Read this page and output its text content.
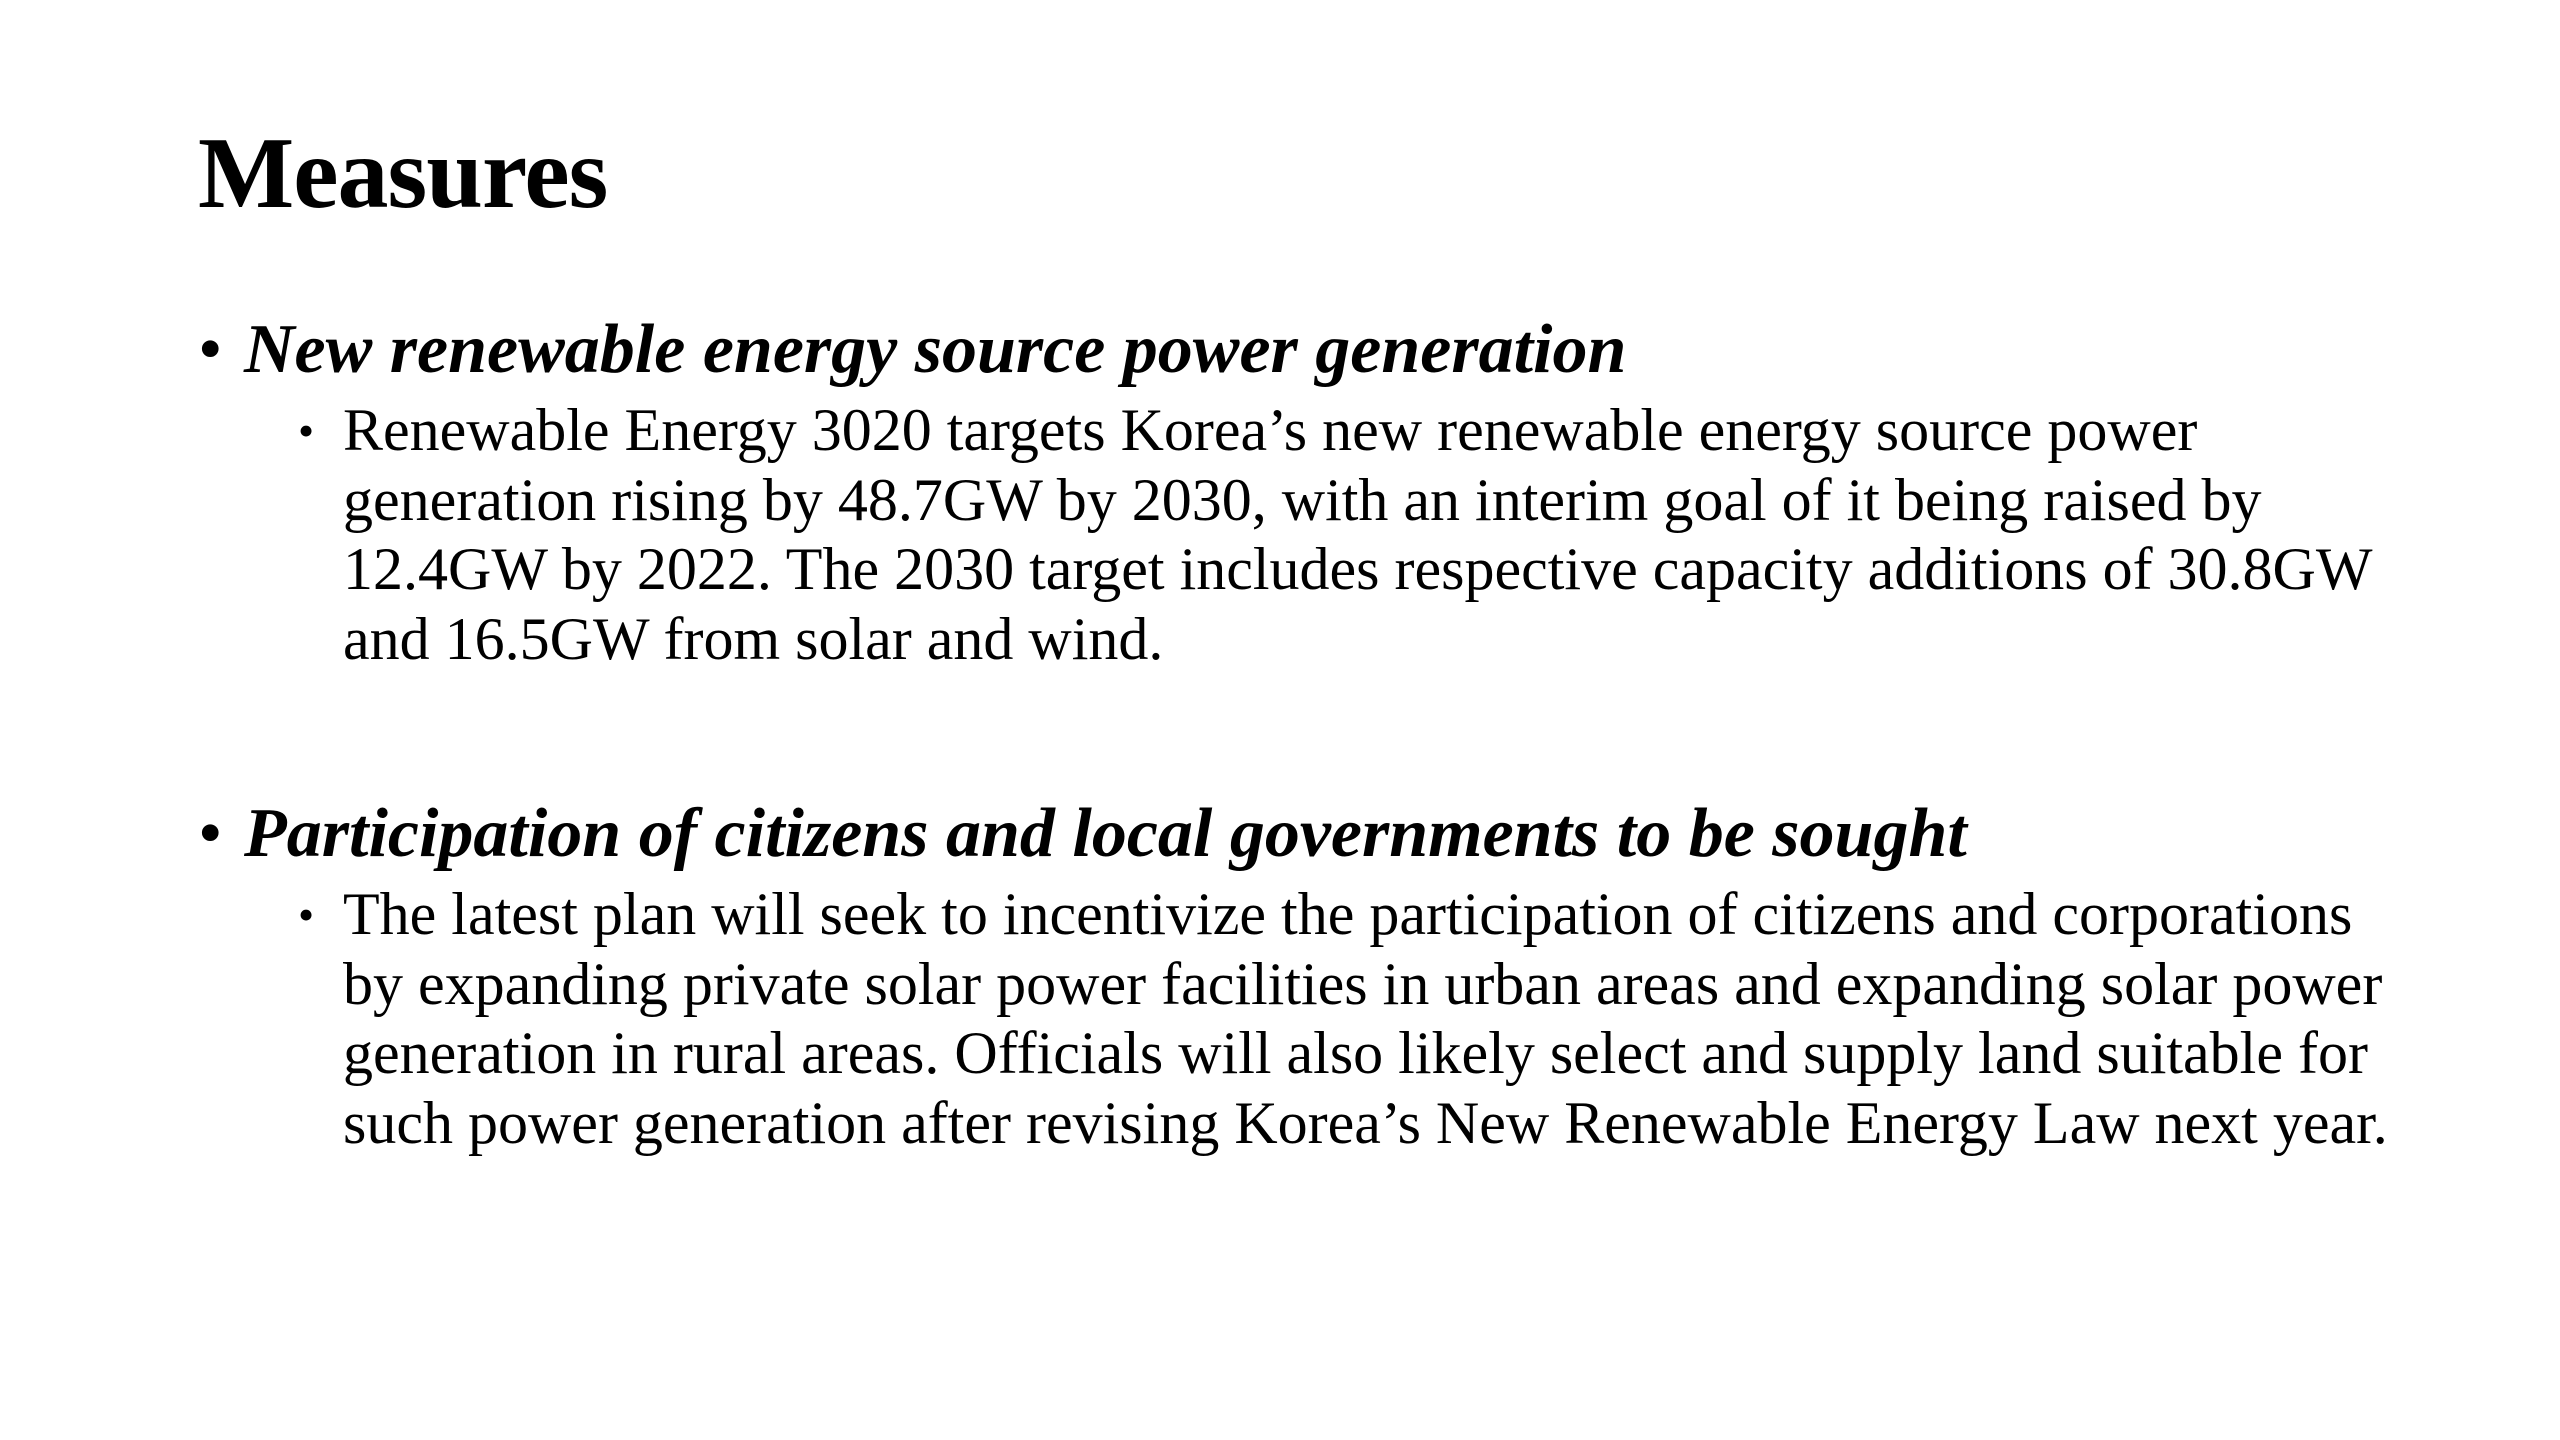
Measures
• New renewable energy source power generation
• Renewable Energy 3020 targets Korea’s new renewable energy source power generation rising by 48.7GW by 2030, with an interim goal of it being raised by 12.4GW by 2022. The 2030 target includes respective capacity additions of 30.8GW and 16.5GW from solar and wind.
• Participation of citizens and local governments to be sought
• The latest plan will seek to incentivize the participation of citizens and corporations by expanding private solar power facilities in urban areas and expanding solar power generation in rural areas. Officials will also likely select and supply land suitable for such power generation after revising Korea’s New Renewable Energy Law next year.
